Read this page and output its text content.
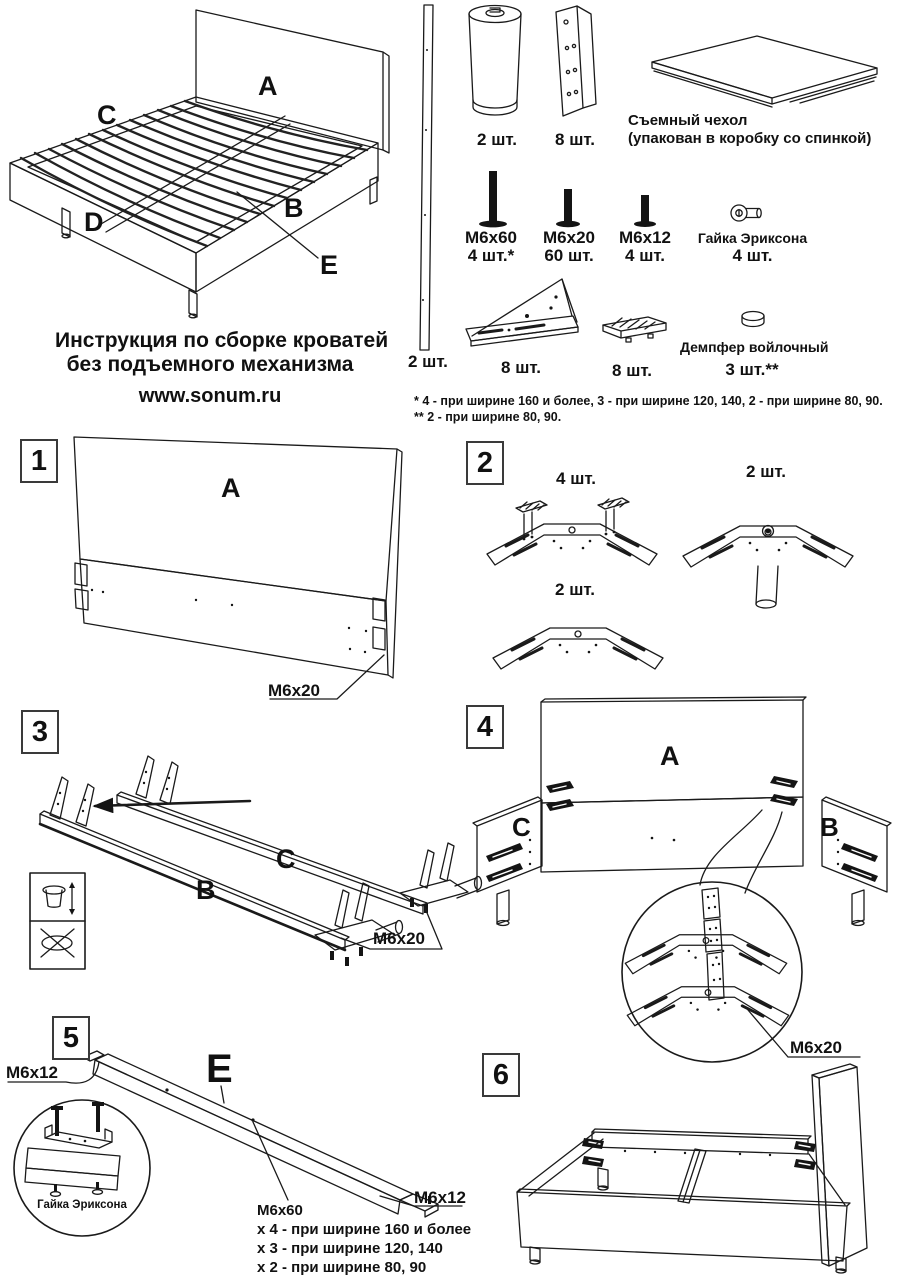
Инструкция по сборке кроватей
без подъемного механизма
www.sonum.ru	* 4 - при ширине 160 и более, 3 - при ширине 120, 140, 2 - при ширине 80, 90.
** 2 - при ширине 80, 90.
A
C
D	B
E
2 шт.
2 шт.	8 шт.
Съемный чехол
(упакован в коробку со спинкой)
М6х60
4 шт.*
М6х20
60 шт.
М6х12
4 шт.
Гайка Эриксона
4 шт.
8 шт.	8 шт.
Демпфер войлочный
3 шт.**
1
A
М6х20
2	4 шт.	2 шт.
2 шт.
3
B
C
М6х20
4
A
C	B
М6х20
5
Е
М6х12
М6х12
Гайка Эриксона	М6х60
х 4 - при ширине 160 и более
х 3 - при ширине 120, 140
х 2 - при ширине 80, 90
6
